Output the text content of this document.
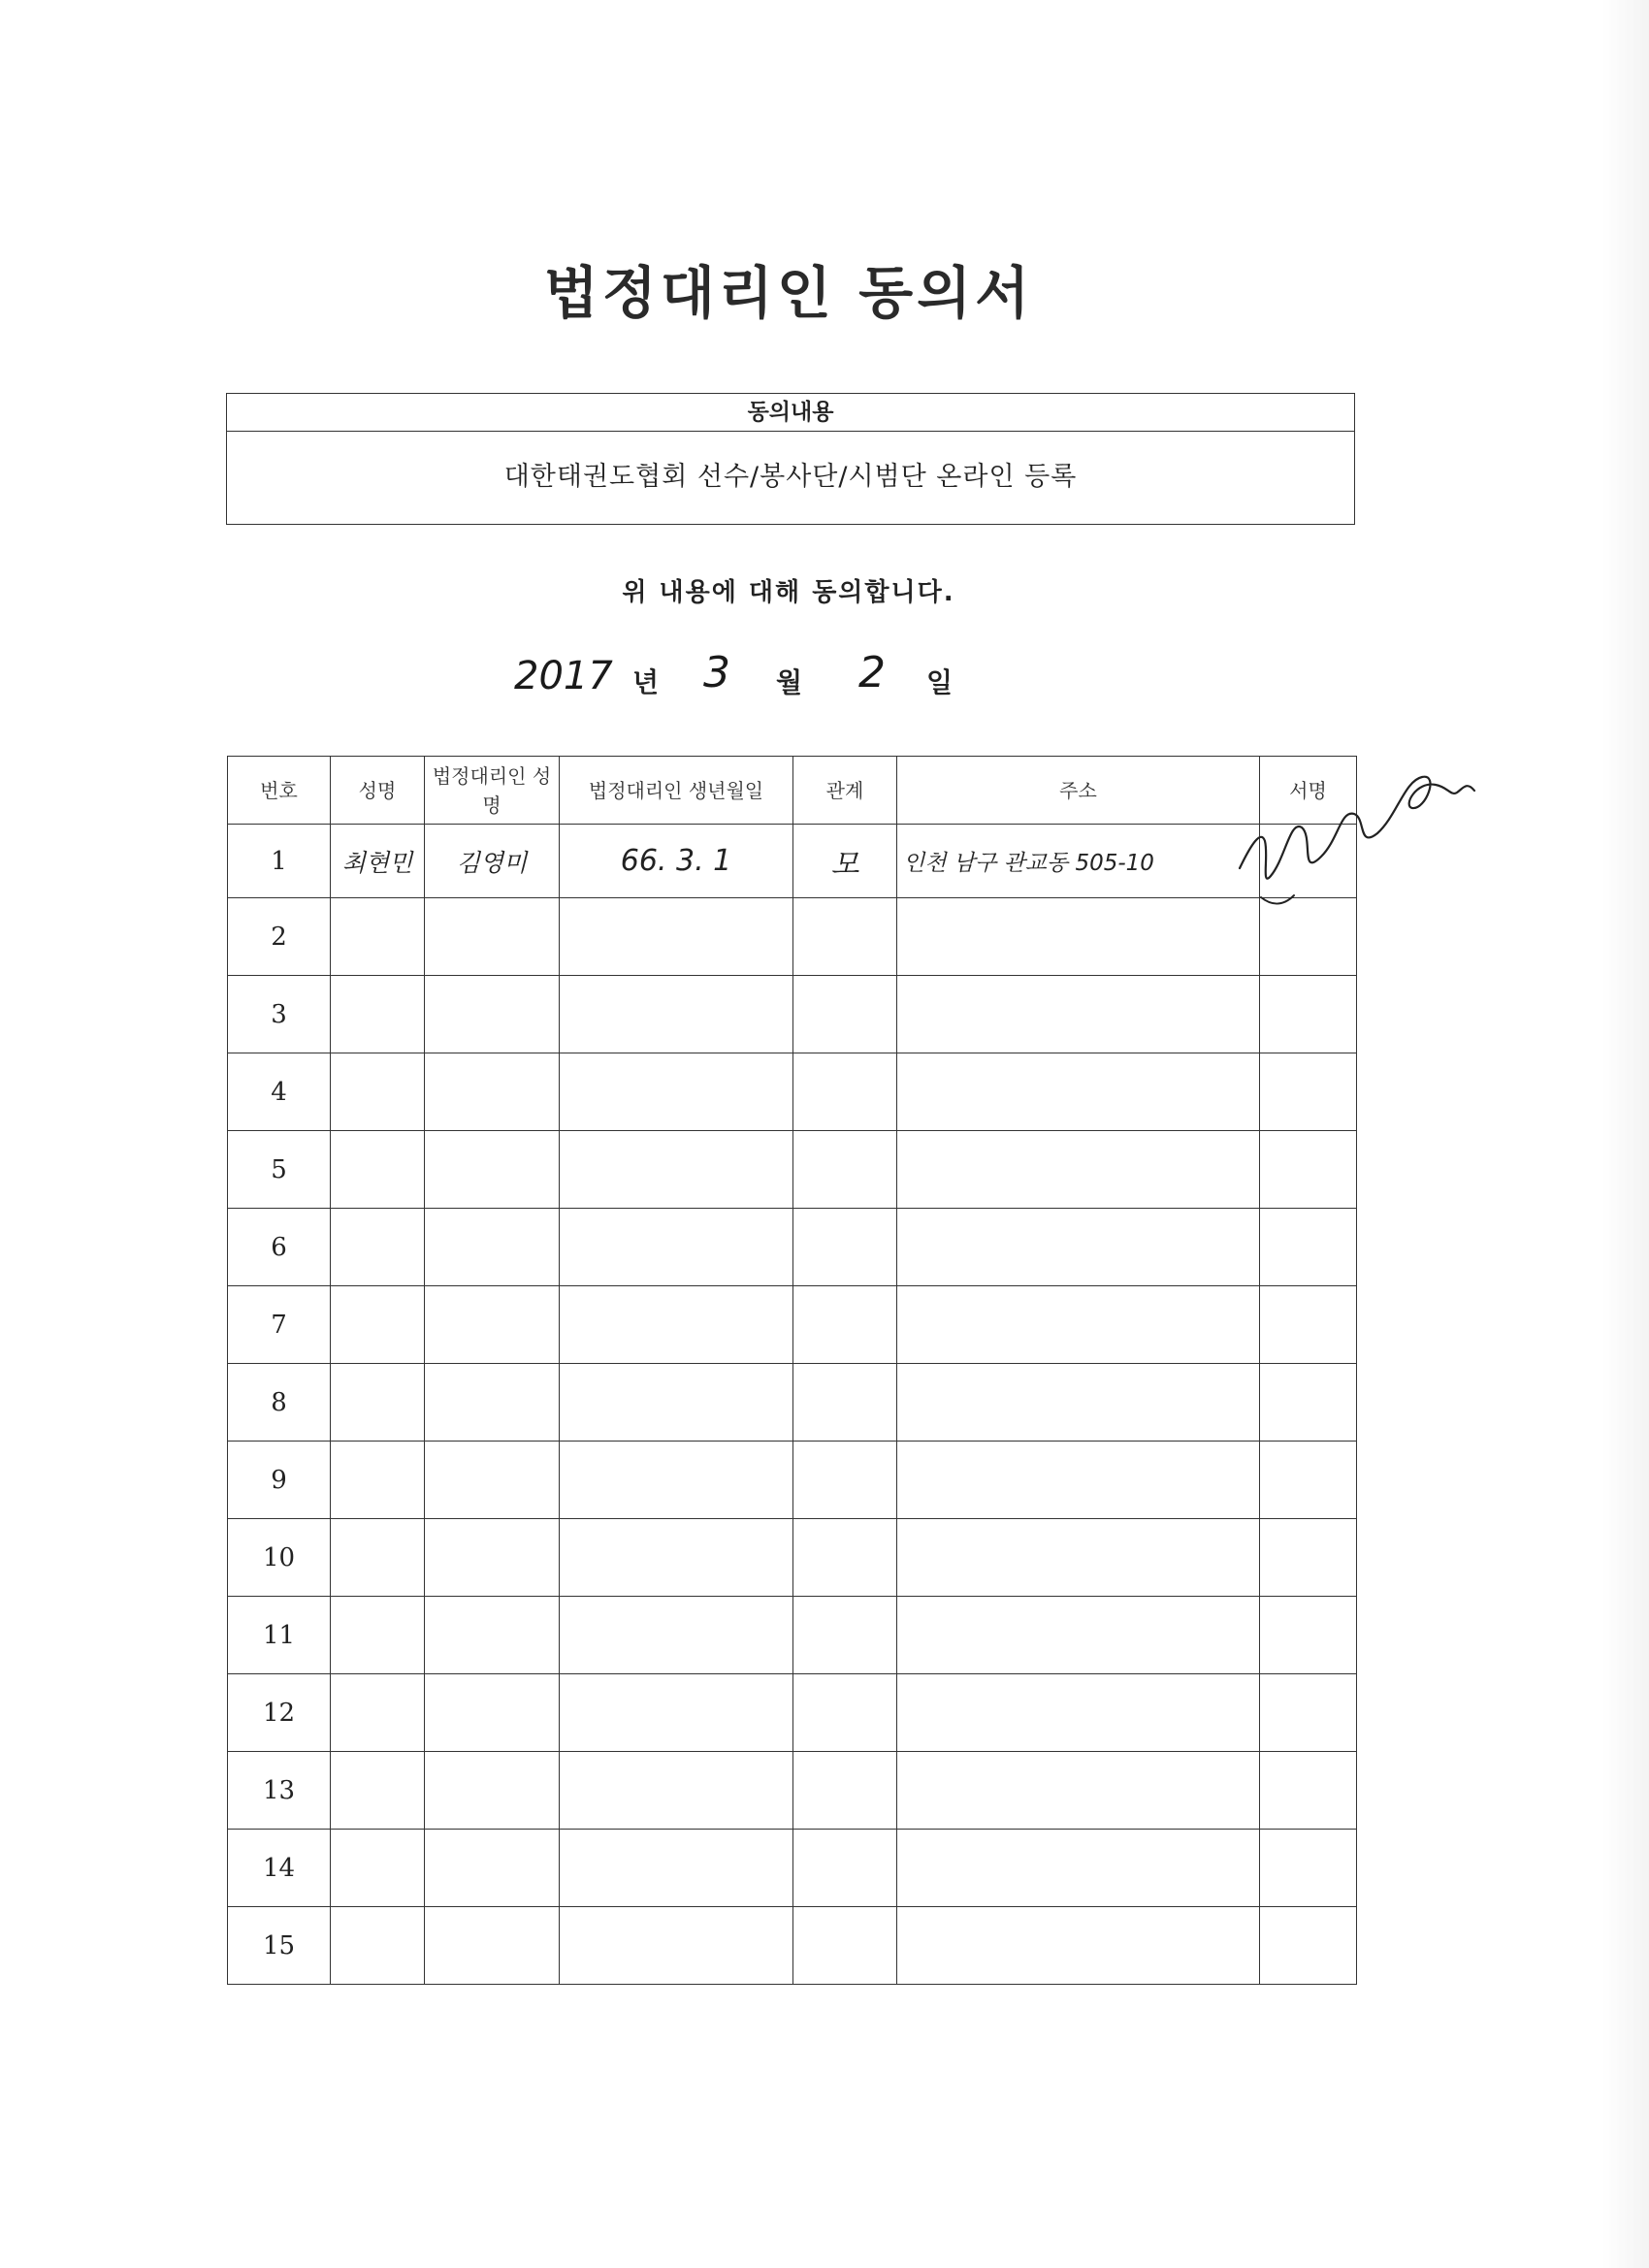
법정대리인 동의서
동의내용
대한태권도협회 선수/봉사단/시범단 온라인 등록
위 내용에 대해 동의합니다.
2017 년 3 월 2 일
번호	성명	법정대리인 성명	법정대리인 생년월일	관계	주소	서명
1	최현민	김영미	66. 3. 1	모	인천 남구 관교동 505-10	
2						
3						
4						
5						
6						
7						
8						
9						
10						
11						
12						
13						
14						
15						
